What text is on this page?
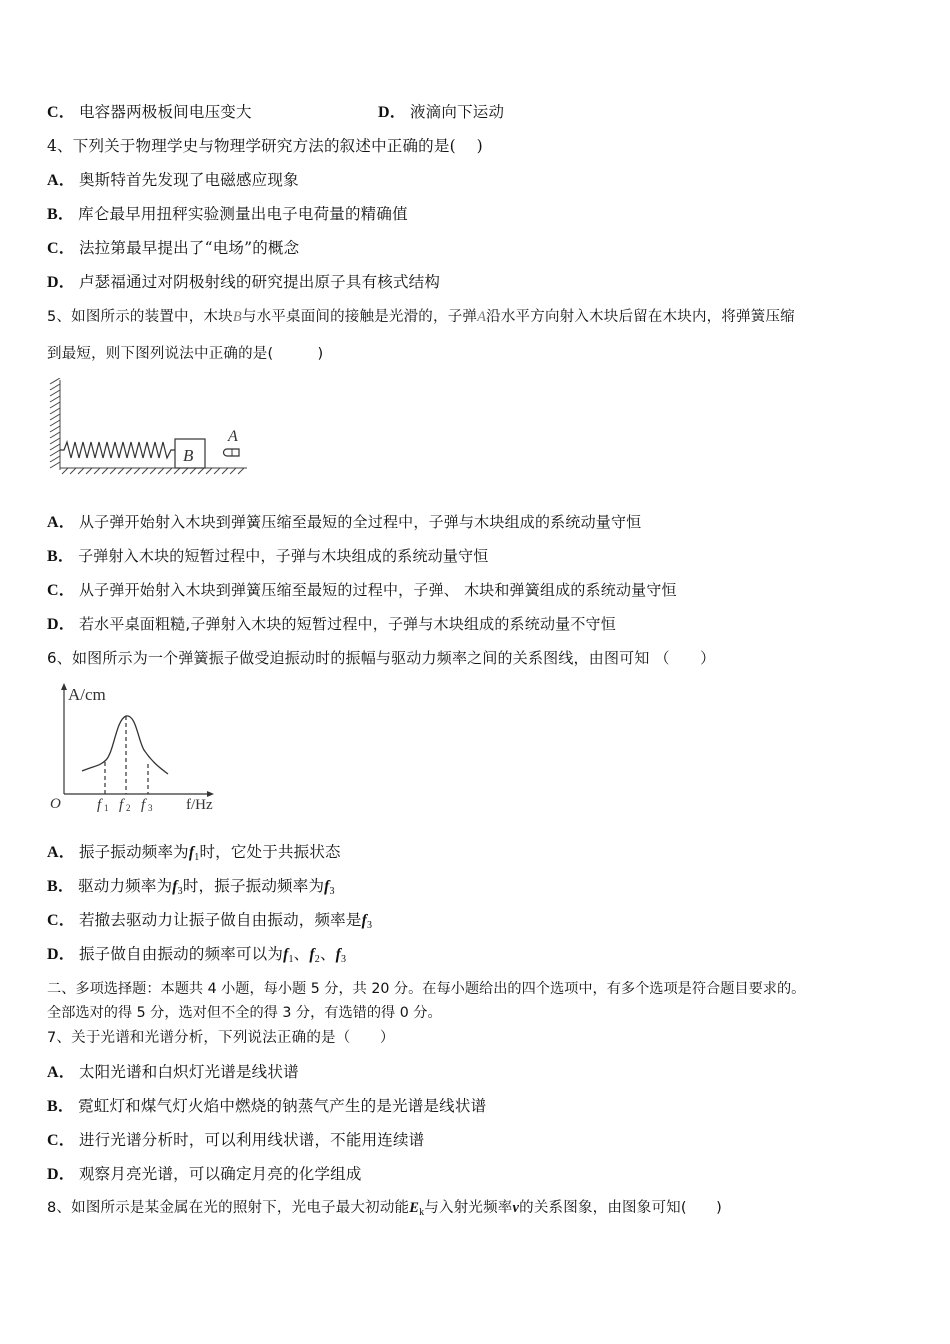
C． 电容器两极板间电压变大	D． 液滴向下运动
4、下列关于物理学史与物理学研究方法的叙述中正确的是(　 )
A． 奥斯特首先发现了电磁感应现象
B． 库仑最早用扭秤实验测量出电子电荷量的精确值
C． 法拉第最早提出了“电场”的概念
D． 卢瑟福通过对阴极射线的研究提出原子具有核式结构
5、如图所示的装置中，木块B与水平桌面间的接触是光滑的，子弹A沿水平方向射入木块后留在木块内，将弹簧压缩
到最短，则下图列说法中正确的是(　　　)
B
A
A． 从子弹开始射入木块到弹簧压缩至最短的全过程中，子弹与木块组成的系统动量守恒
B． 子弹射入木块的短暂过程中，子弹与木块组成的系统动量守恒
C． 从子弹开始射入木块到弹簧压缩至最短的过程中，子弹、 木块和弹簧组成的系统动量守恒
D． 若水平桌面粗糙,子弹射入木块的短暂过程中，子弹与木块组成的系统动量不守恒
6、如图所示为一个弹簧振子做受迫振动时的振幅与驱动力频率之间的关系图线，由图可知 （　　）
A/cm
O	f/Hz
f 1 f 2 f 3
A． 振子振动频率为$f_1$时，它处于共振状态
B． 驱动力频率为$f_3$时，振子振动频率为$f_3$
C． 若撤去驱动力让振子做自由振动，频率是$f_3$
D． 振子做自由振动的频率可以为$f_1$、$f_2$、$f_3$
二、多项选择题：本题共 4 小题，每小题 5 分，共 20 分。在每小题给出的四个选项中，有多个选项是符合题目要求的。
全部选对的得 5 分，选对但不全的得 3 分，有选错的得 0 分。
7、关于光谱和光谱分析，下列说法正确的是（　　）
A． 太阳光谱和白炽灯光谱是线状谱
B． 霓虹灯和煤气灯火焰中燃烧的钠蒸气产生的是光谱是线状谱
C． 进行光谱分析时，可以利用线状谱，不能用连续谱
D． 观察月亮光谱，可以确定月亮的化学组成
8、如图所示是某金属在光的照射下，光电子最大初动能$E_k$与入射光频率v的关系图象，由图象可知(　　)
